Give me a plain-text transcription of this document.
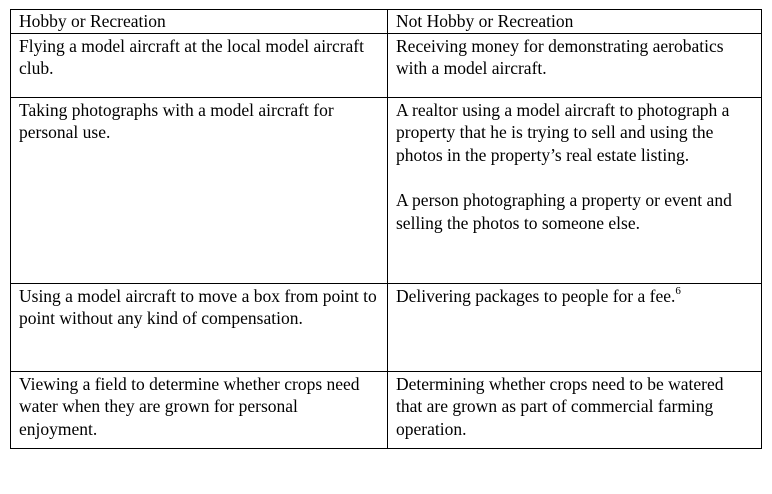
Hobby or Recreation	Not Hobby or Recreation

Flying a model aircraft at the local model aircraft club.	Receiving money for demonstrating aerobatics with a model aircraft.

Taking photographs with a model aircraft for personal use.	A realtor using a model aircraft to photograph a property that he is trying to sell and using the photos in the property’s real estate listing.
A person photographing a property or event and selling the photos to someone else.

Using a model aircraft to move a box from point to point without any kind of compensation.	Delivering packages to people for a fee.$^6$

Viewing a field to determine whether crops need water when they are grown for personal enjoyment.	Determining whether crops need to be watered that are grown as part of commercial farming operation.
